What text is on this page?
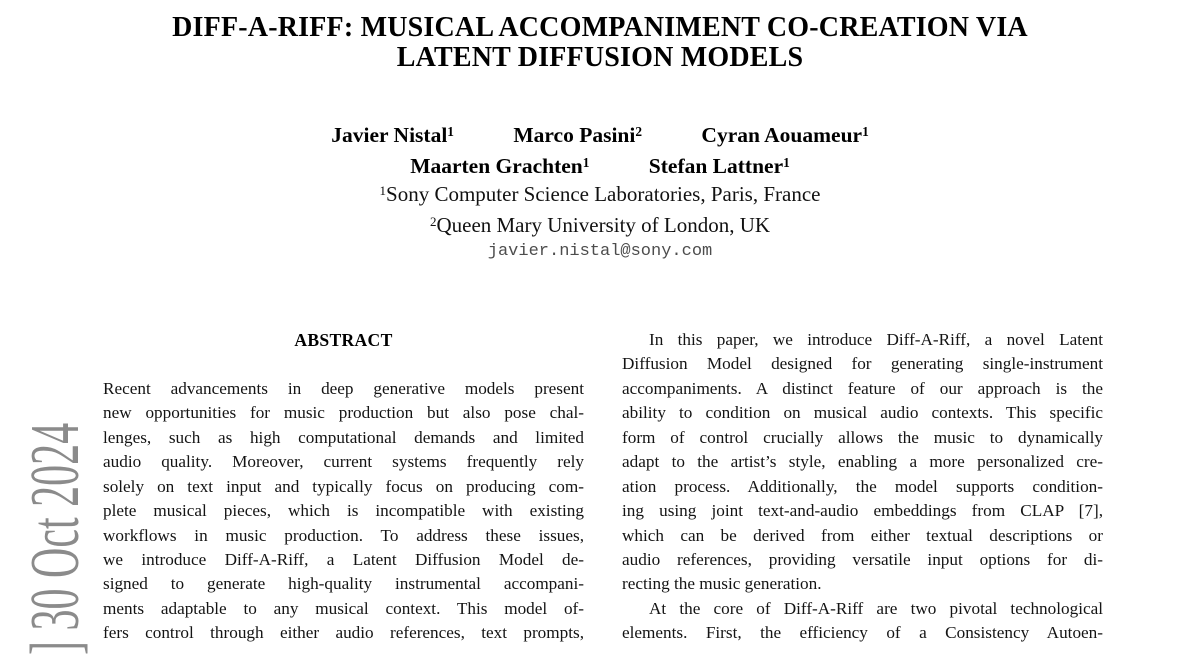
]30 Oct 2024
DIFF-A-RIFF: MUSICAL ACCOMPANIMENT CO-CREATION VIA
LATENT DIFFUSION MODELS
Javier Nistal$^1$	Marco Pasini$^2$	Cyran Aouameur$^1$
Maarten Grachten$^1$	Stefan Lattner$^1$
$^1$Sony Computer Science Laboratories, Paris, France
$^2$Queen Mary University of London, UK
javier.nistal@sony.com
ABSTRACT
Recent advancements in deep generative models present
new opportunities for music production but also pose chal-
lenges, such as high computational demands and limited
audio quality. Moreover, current systems frequently rely
solely on text input and typically focus on producing com-
plete musical pieces, which is incompatible with existing
workflows in music production. To address these issues,
we introduce Diff-A-Riff, a Latent Diffusion Model de-
signed to generate high-quality instrumental accompani-
ments adaptable to any musical context. This model of-
fers control through either audio references, text prompts,
In this paper, we introduce Diff-A-Riff, a novel Latent
Diffusion Model designed for generating single-instrument
accompaniments. A distinct feature of our approach is the
ability to condition on musical audio contexts. This specific
form of control crucially allows the music to dynamically
adapt to the artist’s style, enabling a more personalized cre-
ation process. Additionally, the model supports condition-
ing using joint text-and-audio embeddings from CLAP [7],
which can be derived from either textual descriptions or
audio references, providing versatile input options for di-
recting the music generation.
At the core of Diff-A-Riff are two pivotal technological
elements. First, the efficiency of a Consistency Autoen-
